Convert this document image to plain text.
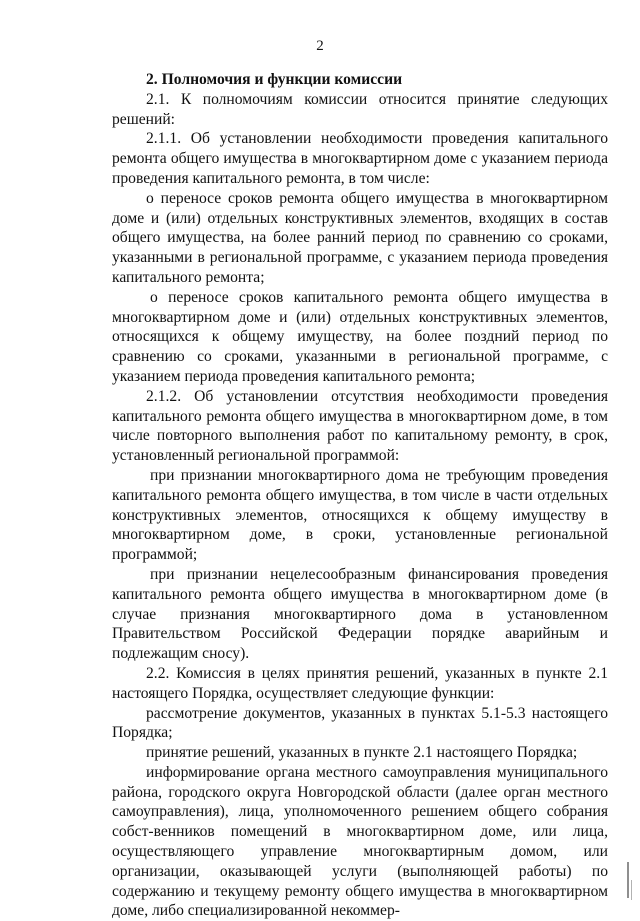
2

2. Полномочия и функции комиссии

2.1. К полномочиям комиссии относится принятие следующих решений:

2.1.1. Об установлении необходимости проведения капитального ремонта общего имущества в многоквартирном доме с указанием периода проведения капитального ремонта, в том числе:

о переносе сроков ремонта общего имущества в многоквартирном доме и (или) отдельных конструктивных элементов, входящих в состав общего имущества, на более ранний период по сравнению со сроками, указанными в региональной программе, с указанием периода проведения капитального ремонта;

о переносе сроков капитального ремонта общего имущества в многоквартирном доме и (или) отдельных конструктивных элементов, относящихся к общему имуществу, на более поздний период по сравнению со сроками, указанными в региональной программе, с указанием периода проведения капитального ремонта;

2.1.2. Об установлении отсутствия необходимости проведения капитального ремонта общего имущества в многоквартирном доме, в том числе повторного выполнения работ по капитальному ремонту, в срок, установленный региональной программой:

при признании многоквартирного дома не требующим проведения капитального ремонта общего имущества, в том числе в части отдельных конструктивных элементов, относящихся к общему имуществу в многоквартирном доме, в сроки, установленные региональной программой;

при признании нецелесообразным финансирования проведения капитального ремонта общего имущества в многоквартирном доме (в случае признания многоквартирного дома в установленном Правительством Российской Федерации порядке аварийным и подлежащим сносу).

2.2. Комиссия в целях принятия решений, указанных в пункте 2.1 настоящего Порядка, осуществляет следующие функции:

рассмотрение документов, указанных в пунктах 5.1-5.3 настоящего Порядка;

принятие решений, указанных в пункте 2.1 настоящего Порядка;

информирование органа местного самоуправления муниципального района, городского округа Новгородской области (далее орган местного самоуправления), лица, уполномоченного решением общего собрания собст-венников помещений в многоквартирном доме, или лица, осуществляющего управление многоквартирным домом, или организации, оказывающей услуги (выполняющей работы) по содержанию и текущему ремонту общего имущества в многоквартирном доме, либо специализированной некоммер-
